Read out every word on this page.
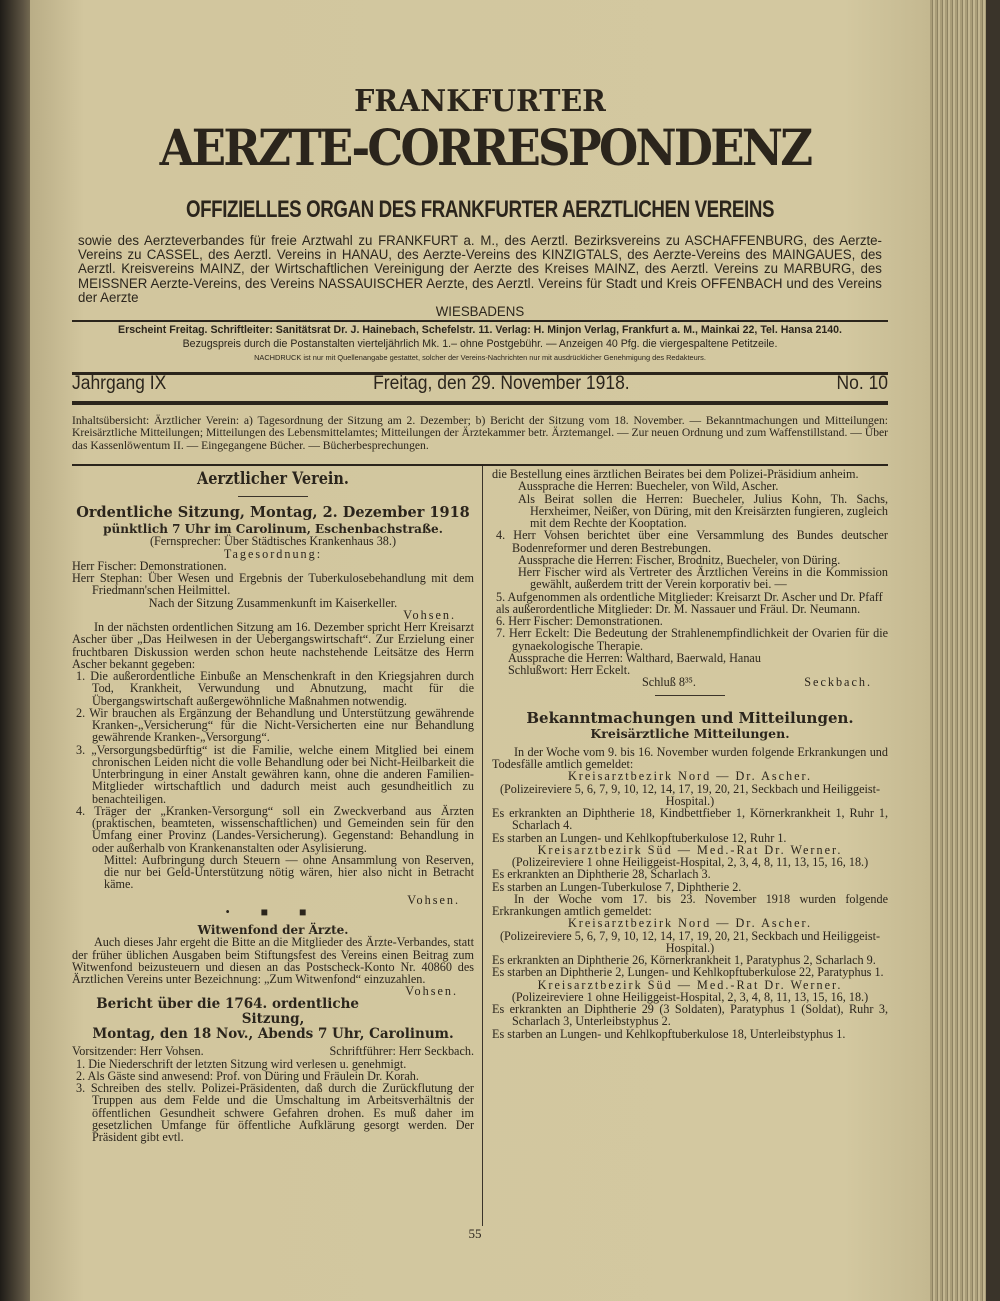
FRANKFURTER
AERZTE-CORRESPONDENZ
OFFIZIELLES ORGAN DES FRANKFURTER AERZTLICHEN VEREINS
sowie des Aerzteverbandes für freie Arztwahl zu FRANKFURT a. M., des Aerztl. Bezirksvereins zu ASCHAFFENBURG, des Aerzte-Vereins zu CASSEL, des Aerztl. Vereins in HANAU, des Aerzte-Vereins des KINZIGTALS, des Aerzte-Vereins des MAINGAUES, des Aerztl. Kreisvereins MAINZ, der Wirtschaftlichen Vereinigung der Aerzte des Kreises MAINZ, des Aerztl. Vereins zu MARBURG, des MEISSNER Aerzte-Vereins, des Vereins NASSAUISCHER Aerzte, des Aerztl. Vereins für Stadt und Kreis OFFENBACH und des Vereins der Aerzte
WIESBADENS
Erscheint Freitag. Schriftleiter: Sanitätsrat Dr. J. Hainebach, Schefelstr. 11. Verlag: H. Minjon Verlag, Frankfurt a. M., Mainkai 22, Tel. Hansa 2140.
Bezugspreis durch die Postanstalten vierteljährlich Mk. 1.– ohne Postgebühr. — Anzeigen 40 Pfg. die viergespaltene Petitzeile.
NACHDRUCK ist nur mit Quellenangabe gestattet, solcher der Vereins-Nachrichten nur mit ausdrücklicher Genehmigung des Redakteurs.
Jahrgang IX	Freitag, den 29. November 1918.	No. 10
Inhaltsübersicht: Ärztlicher Verein: a) Tagesordnung der Sitzung am 2. Dezember; b) Bericht der Sitzung vom 18. November. — Bekanntmachungen und Mitteilungen: Kreisärztliche Mitteilungen; Mitteilungen des Lebensmittelamtes; Mitteilungen der Ärztekammer betr. Ärztemangel. — Zur neuen Ordnung und zum Waffenstillstand. — Über das Kassenlöwentum II. — Eingegangene Bücher. — Bücherbesprechungen.
Aerztlicher Verein.
Ordentliche Sitzung, Montag, 2. Dezember 1918
pünktlich 7 Uhr im Carolinum, Eschenbachstraße.
(Fernsprecher: Über Städtisches Krankenhaus 38.)
Tagesordnung:
Herr Fischer: Demonstrationen.
Herr Stephan: Über Wesen und Ergebnis der Tuberkulosebehandlung mit dem Friedmann'schen Heilmittel.
Nach der Sitzung Zusammenkunft im Kaiserkeller.
Vohsen.
In der nächsten ordentlichen Sitzung am 16. Dezember spricht Herr Kreisarzt Ascher über „Das Heilwesen in der Uebergangswirtschaft“. Zur Erzielung einer fruchtbaren Diskussion werden schon heute nachstehende Leitsätze des Herrn Ascher bekannt gegeben:
1. Die außerordentliche Einbuße an Menschenkraft in den Kriegsjahren durch Tod, Krankheit, Verwundung und Abnutzung, macht für die Übergangswirtschaft außergewöhnliche Maßnahmen notwendig.
2. Wir brauchen als Ergänzung der Behandlung und Unterstützung gewährende Kranken-„Versicherung“ für die Nicht-Versicherten eine nur Behandlung gewährende Kranken-„Versorgung“.
3. „Versorgungsbedürftig“ ist die Familie, welche einem Mitglied bei einem chronischen Leiden nicht die volle Behandlung oder bei Nicht-Heilbarkeit die Unterbringung in einer Anstalt gewähren kann, ohne die anderen Familien-Mitglieder wirtschaftlich und dadurch meist auch gesundheitlich zu benachteiligen.
4. Träger der „Kranken-Versorgung“ soll ein Zweckverband aus Ärzten (praktischen, beamteten, wissenschaftlichen) und Gemeinden sein für den Umfang einer Provinz (Landes-Versicherung). Gegenstand: Behandlung in oder außerhalb von Krankenanstalten oder Asylisierung.
Mittel: Aufbringung durch Steuern — ohne Ansammlung von Reserven, die nur bei Geld-Unterstützung nötig wären, hier also nicht in Betracht käme.
Vohsen.
• ■ ■
Witwenfond der Ärzte.
Auch dieses Jahr ergeht die Bitte an die Mitglieder des Ärzte-Verbandes, statt der früher üblichen Ausgaben beim Stiftungsfest des Vereins einen Beitrag zum Witwenfond beizusteuern und diesen an das Postscheck-Konto Nr. 40860 des Ärztlichen Vereins unter Bezeichnung: „Zum Witwenfond“ einzuzahlen.
Vohsen.
Bericht über die 1764. ordentliche Sitzung,
Montag, den 18 Nov., Abends 7 Uhr, Carolinum.
Vorsitzender: Herr Vohsen.	Schriftführer: Herr Seckbach.
1. Die Niederschrift der letzten Sitzung wird verlesen u. genehmigt.
2. Als Gäste sind anwesend: Prof. von Düring und Fräulein Dr. Korah.
3. Schreiben des stellv. Polizei-Präsidenten, daß durch die Zurückflutung der Truppen aus dem Felde und die Umschaltung im Arbeitsverhältnis der öffentlichen Gesundheit schwere Gefahren drohen. Es muß daher im gesetzlichen Umfange für öffentliche Aufklärung gesorgt werden. Der Präsident gibt evtl.
die Bestellung eines ärztlichen Beirates bei dem Polizei-Präsidium anheim.
Aussprache die Herren: Buecheler, von Wild, Ascher.
Als Beirat sollen die Herren: Buecheler, Julius Kohn, Th. Sachs, Herxheimer, Neißer, von Düring, mit den Kreisärzten fungieren, zugleich mit dem Rechte der Kooptation.
4. Herr Vohsen berichtet über eine Versammlung des Bundes deutscher Bodenreformer und deren Bestrebungen.
Aussprache die Herren: Fischer, Brodnitz, Buecheler, von Düring.
Herr Fischer wird als Vertreter des Ärztlichen Vereins in die Kommission gewählt, außerdem tritt der Verein korporativ bei. —
5. Aufgenommen als ordentliche Mitglieder: Kreisarzt Dr. Ascher und Dr. Pfaff
als außerordentliche Mitglieder: Dr. M. Nassauer und Fräul. Dr. Neumann.
6. Herr Fischer: Demonstrationen.
7. Herr Eckelt: Die Bedeutung der Strahlenempfindlichkeit der Ovarien für die gynaekologische Therapie.
Aussprache die Herren: Walthard, Baerwald, Hanau
Schlußwort: Herr Eckelt.
Schluß 8³⁵.	Seckbach.
Bekanntmachungen und Mitteilungen.
Kreisärztliche Mitteilungen.
In der Woche vom 9. bis 16. November wurden folgende Erkrankungen und Todesfälle amtlich gemeldet:
Kreisarztbezirk Nord — Dr. Ascher.
(Polizeireviere 5, 6, 7, 9, 10, 12, 14, 17, 19, 20, 21, Seckbach und Heiliggeist-Hospital.)
Es erkrankten an Diphtherie 18, Kindbettfieber 1, Körnerkrankheit 1, Ruhr 1, Scharlach 4.
Es starben an Lungen- und Kehlkopftuberkulose 12, Ruhr 1.
Kreisarztbezirk Süd — Med.-Rat Dr. Werner.
(Polizeireviere 1 ohne Heiliggeist-Hospital, 2, 3, 4, 8, 11, 13, 15, 16, 18.)
Es erkrankten an Diphtherie 28, Scharlach 3.
Es starben an Lungen-Tuberkulose 7, Diphtherie 2.
In der Woche vom 17. bis 23. November 1918 wurden folgende Erkrankungen amtlich gemeldet:
Kreisarztbezirk Nord — Dr. Ascher.
(Polizeireviere 5, 6, 7, 9, 10, 12, 14, 17, 19, 20, 21, Seckbach und Heiliggeist-Hospital.)
Es erkrankten an Diphtherie 26, Körnerkrankheit 1, Paratyphus 2, Scharlach 9.
Es starben an Diphtherie 2, Lungen- und Kehlkopftuberkulose 22, Paratyphus 1.
Kreisarztbezirk Süd — Med.-Rat Dr. Werner.
(Polizeireviere 1 ohne Heiliggeist-Hospital, 2, 3, 4, 8, 11, 13, 15, 16, 18.)
Es erkrankten an Diphtherie 29 (3 Soldaten), Paratyphus 1 (Soldat), Ruhr 3, Scharlach 3, Unterleibstyphus 2.
Es starben an Lungen- und Kehlkopftuberkulose 18, Unterleibstyphus 1.
55
